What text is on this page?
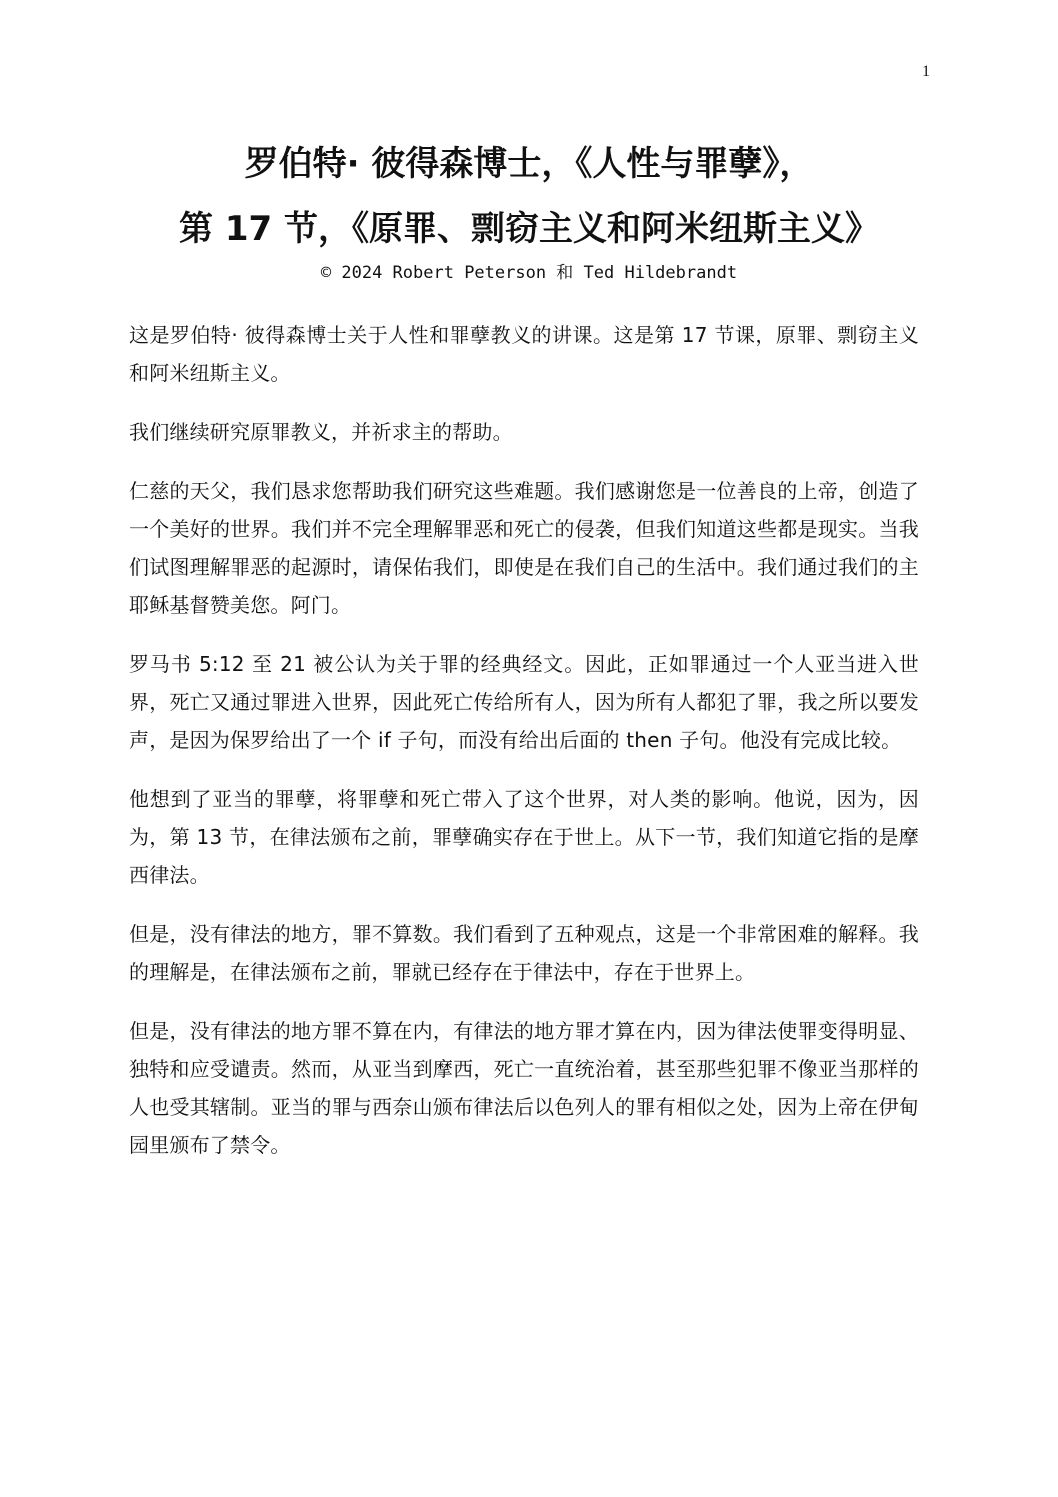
1
罗伯特· 彼得森博士，《人性与罪孽》，
第 17 节，《原罪、剽窃主义和阿米纽斯主义》
© 2024 Robert Peterson 和 Ted Hildebrandt

这是罗伯特· 彼得森博士关于人性和罪孽教义的讲课。这是第 17 节课，原罪、剽窃主义和阿米纽斯主义。

我们继续研究原罪教义，并祈求主的帮助。

仁慈的天父，我们恳求您帮助我们研究这些难题。我们感谢您是一位善良的上帝，创造了一个美好的世界。我们并不完全理解罪恶和死亡的侵袭，但我们知道这些都是现实。当我们试图理解罪恶的起源时，请保佑我们，即使是在我们自己的生活中。我们通过我们的主耶稣基督赞美您。阿门。

罗马书 5:12 至 21 被公认为关于罪的经典经文。因此，正如罪通过一个人亚当进入世界，死亡又通过罪进入世界，因此死亡传给所有人，因为所有人都犯了罪，我之所以要发声，是因为保罗给出了一个 if 子句，而没有给出后面的 then 子句。他没有完成比较。

他想到了亚当的罪孽，将罪孽和死亡带入了这个世界，对人类的影响。他说，因为，因为，第 13 节，在律法颁布之前，罪孽确实存在于世上。从下一节，我们知道它指的是摩西律法。

但是，没有律法的地方，罪不算数。我们看到了五种观点，这是一个非常困难的解释。我的理解是，在律法颁布之前，罪就已经存在于律法中，存在于世界上。

但是，没有律法的地方罪不算在内，有律法的地方罪才算在内，因为律法使罪变得明显、独特和应受谴责。然而，从亚当到摩西，死亡一直统治着，甚至那些犯罪不像亚当那样的人也受其辖制。亚当的罪与西奈山颁布律法后以色列人的罪有相似之处，因为上帝在伊甸园里颁布了禁令。
